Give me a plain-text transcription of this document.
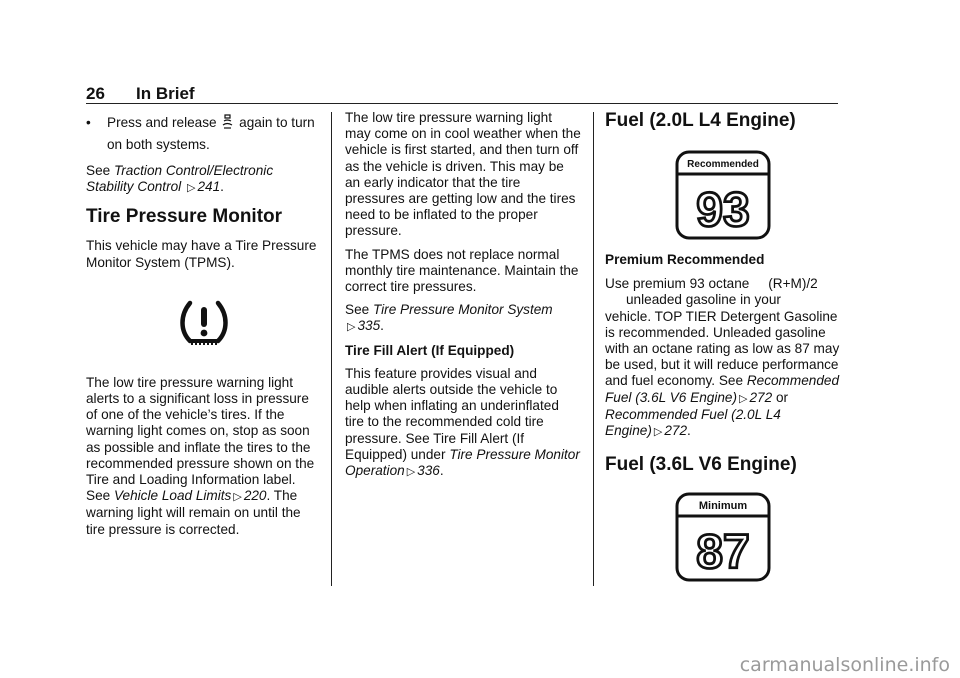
26 In Brief

• Press and release again to turn on both systems.

See Traction Control/Electronic Stability Control ▷ 241.

Tire Pressure Monitor

This vehicle may have a Tire Pressure Monitor System (TPMS).

The low tire pressure warning light alerts to a significant loss in pressure of one of the vehicle’s tires. If the warning light comes on, stop as soon as possible and inflate the tires to the recommended pressure shown on the Tire and Loading Information label. See Vehicle Load Limits ▷ 220. The warning light will remain on until the tire pressure is corrected.

The low tire pressure warning light may come on in cool weather when the vehicle is first started, and then turn off as the vehicle is driven. This may be an early indicator that the tire pressures are getting low and the tires need to be inflated to the proper pressure.

The TPMS does not replace normal monthly tire maintenance. Maintain the correct tire pressures.

See Tire Pressure Monitor System
▷ 335.

Tire Fill Alert (If Equipped)

This feature provides visual and audible alerts outside the vehicle to help when inflating an underinflated tire to the recommended cold tire pressure. See Tire Fill Alert (If Equipped) under Tire Pressure Monitor Operation ▷ 336.

Fuel (2.0L L4 Engine)
Recommended
93

Premium Recommended

Use premium 93 octane (R+M)/2
unleaded gasoline in your
vehicle. TOP TIER Detergent Gasoline is recommended. Unleaded gasoline with an octane rating as low as 87 may be used, but it will reduce performance and fuel economy. See Recommended Fuel (3.6L V6 Engine) ▷ 272 or Recommended Fuel (2.0L L4 Engine) ▷ 272.

Fuel (3.6L V6 Engine)
Minimum
87
carmanualsonline.info
